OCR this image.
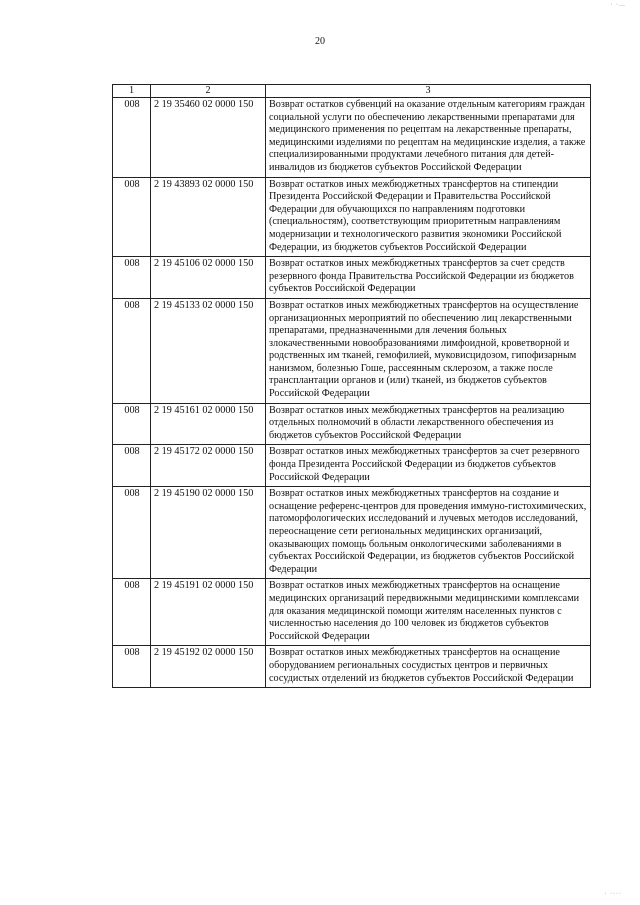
· ·…
20
1	2	3
008	2 19 35460 02 0000 150	Возврат остатков субвенций на оказание отдельным категориям граждан социальной услуги по обеспечению лекарственными препаратами для медицинского применения по рецептам на лекарственные препараты, медицинскими изделиями по рецептам на медицинские изделия, а также специализированными продуктами лечебного питания для детей-инвалидов из бюджетов субъектов Российской Федерации
008	2 19 43893 02 0000 150	Возврат остатков иных межбюджетных трансфертов на стипендии Президента Российской Федерации и Правительства Российской Федерации для обучающихся по направлениям подготовки (специальностям), соответствующим приоритетным направлениям модернизации и технологического развития экономики Российской Федерации, из бюджетов субъектов Российской Федерации
008	2 19 45106 02 0000 150	Возврат остатков иных межбюджетных трансфертов за счет средств резервного фонда Правительства Российской Федерации из бюджетов субъектов Российской Федерации
008	2 19 45133 02 0000 150	Возврат остатков иных межбюджетных трансфертов на осуществление организационных мероприятий по обеспечению лиц лекарственными препаратами, предназначенными для лечения больных злокачественными новообразованиями лимфоидной, кроветворной и родственных им тканей, гемофилией, муковисцидозом, гипофизарным нанизмом, болезнью Гоше, рассеянным склерозом, а также после трансплантации органов и (или) тканей, из бюджетов субъектов Российской Федерации
008	2 19 45161 02 0000 150	Возврат остатков иных межбюджетных трансфертов на реализацию отдельных полномочий в области лекарственного обеспечения из бюджетов субъектов Российской Федерации
008	2 19 45172 02 0000 150	Возврат остатков иных межбюджетных трансфертов за счет резервного фонда Президента Российской Федерации из бюджетов субъектов Российской Федерации
008	2 19 45190 02 0000 150	Возврат остатков иных межбюджетных трансфертов на создание и оснащение референс-центров для проведения иммуно-гистохимических, патоморфологических исследований и лучевых методов исследований, переоснащение сети региональных медицинских организаций, оказывающих помощь больным онкологическими заболеваниями в субъектах Российской Федерации, из бюджетов субъектов Российской Федерации
008	2 19 45191 02 0000 150	Возврат остатков иных межбюджетных трансфертов на оснащение медицинских организаций передвижными медицинскими комплексами для оказания медицинской помощи жителям населенных пунктов с численностью населения до 100 человек из бюджетов субъектов Российской Федерации
008	2 19 45192 02 0000 150	Возврат остатков иных межбюджетных трансфертов на оснащение оборудованием региональных сосудистых центров и первичных сосудистых отделений из бюджетов субъектов Российской Федерации
· ····
